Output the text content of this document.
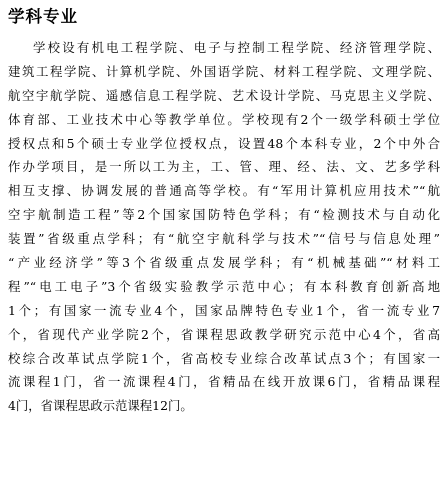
学科专业
学校设有机电工程学院、电子与控制工程学院、经济管理学院、
建筑工程学院、计算机学院、外国语学院、材料工程学院、文理学院、
航空宇航学院、遥感信息工程学院、艺术设计学院、马克思主义学院、
体育部、工业技术中心等教学单位。学校现有2个一级学科硕士学位
授权点和5个硕士专业学位授权点，设置48个本科专业，2个中外合
作办学项目，是一所以工为主，工、管、理、经、法、文、艺多学科
相互支撑、协调发展的普通高等学校。有“军用计算机应用技术”“航
空宇航制造工程”等2个国家国防特色学科；有“检测技术与自动化
装置”省级重点学科；有“航空宇航科学与技术”“信号与信息处理”
“产业经济学”等3个省级重点发展学科；有“机械基础”“材料工
程”“电工电子”3个省级实验教学示范中心；有本科教育创新高地
1个；有国家一流专业4个，国家品牌特色专业1个，省一流专业7
个，省现代产业学院2个，省课程思政教学研究示范中心4个，省高
校综合改革试点学院1个，省高校专业综合改革试点3个；有国家一
流课程1门，省一流课程4门，省精品在线开放课6门，省精品课程
4门，省课程思政示范课程12门。
